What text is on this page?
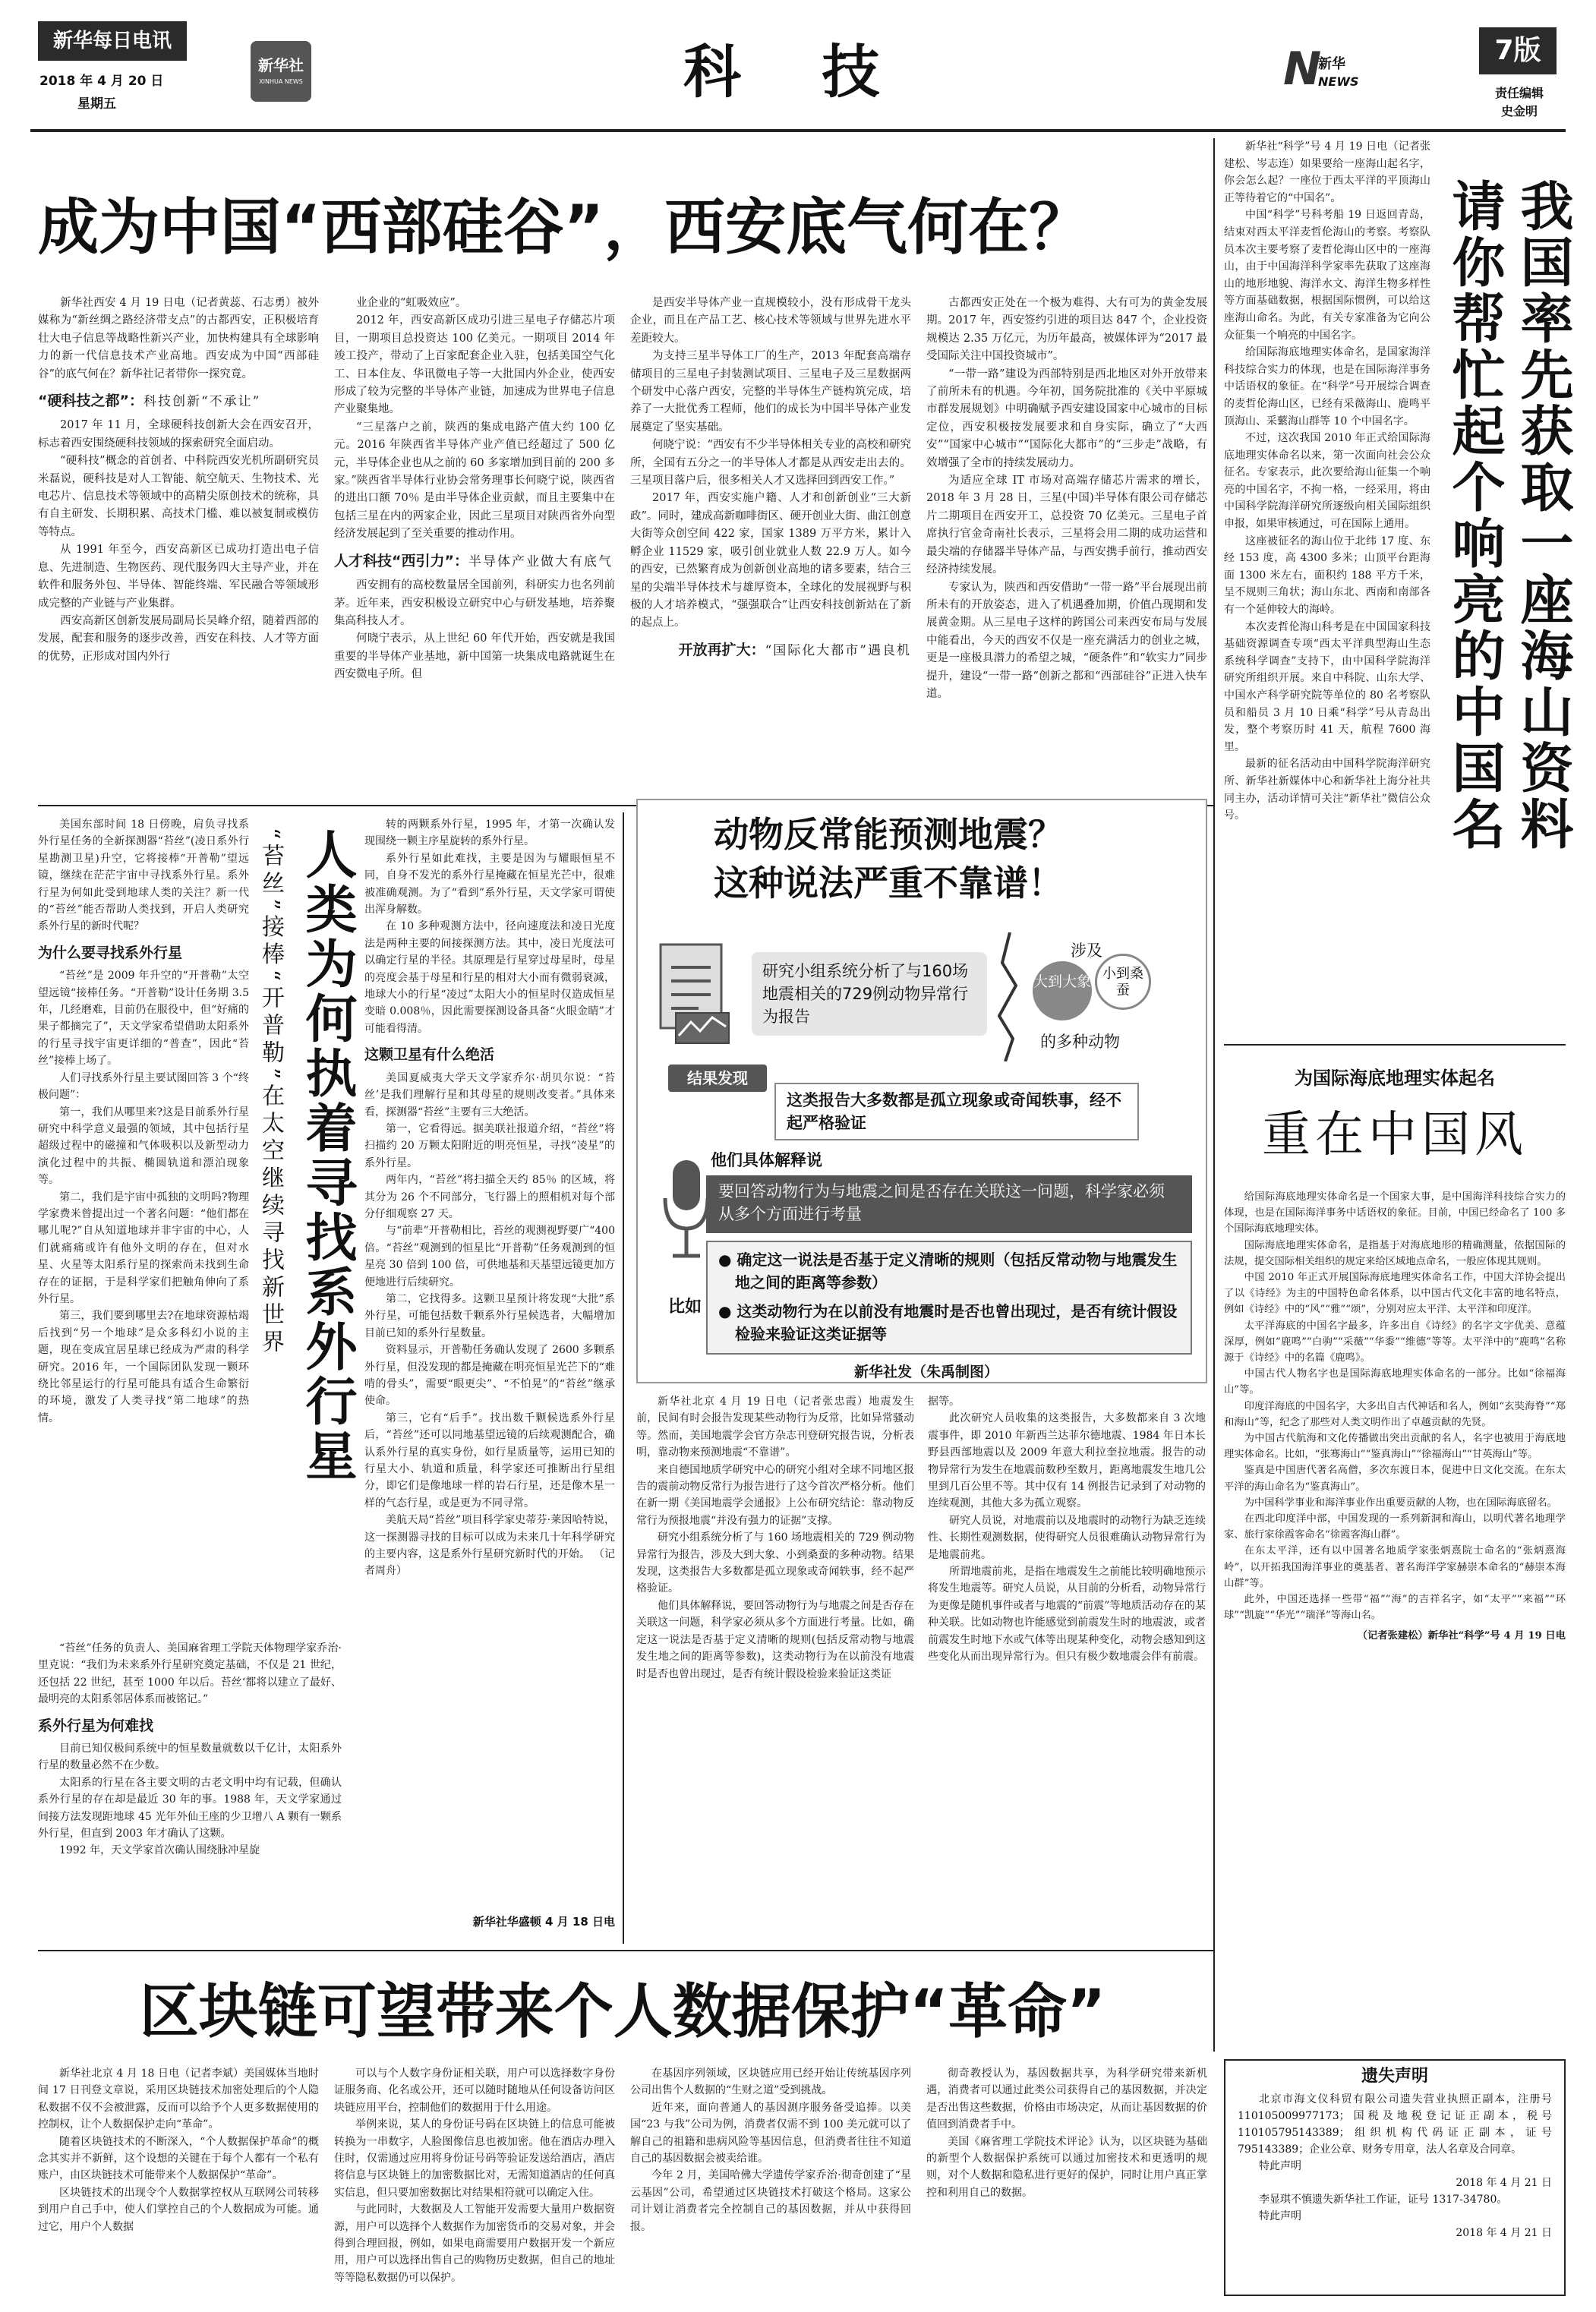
新华每日电讯
2018 年 4 月 20 日
星期五
新华社
XINHUA NEWS	科 技	N
新华
NEWS
7版
责任编辑
史金明
成为中国“西部硅谷”，西安底气何在？

新华社西安 4 月 19 日电（记者黄蕊、石志勇）被外媒称为“新丝绸之路经济带支点”的古都西安，正积极培育壮大电子信息等战略性新兴产业，加快构建具有全球影响力的新一代信息技术产业高地。西安成为中国“西部硅谷”的底气何在？新华社记者带你一探究竟。

“硬科技之都”：科技创新“不承让”

2017 年 11 月，全球硬科技创新大会在西安召开，标志着西安围绕硬科技领域的探索研究全面启动。

“硬科技”概念的首创者、中科院西安光机所副研究员米磊说，硬科技是对人工智能、航空航天、生物技术、光电芯片、信息技术等领域中的高精尖原创技术的统称，具有自主研发、长期积累、高技术门槛、难以被复制或模仿等特点。

从 1991 年至今，西安高新区已成功打造出电子信息、先进制造、生物医药、现代服务四大主导产业，并在软件和服务外包、半导体、智能终端、军民融合等领域形成完整的产业链与产业集群。

西安高新区创新发展局副局长吴峰介绍，随着西部的发展，配套和服务的逐步改善，西安在科技、人才等方面的优势，正形成对国内外行

业企业的“虹吸效应”。

2012 年，西安高新区成功引进三星电子存储芯片项目，一期项目总投资达 100 亿美元。一期项目 2014 年竣工投产，带动了上百家配套企业入驻，包括美国空气化工、日本住友、华讯微电子等一大批国内外企业，使西安形成了较为完整的半导体产业链，加速成为世界电子信息产业聚集地。

“三星落户之前，陕西的集成电路产值大约 100 亿元。2016 年陕西省半导体产业产值已经超过了 500 亿元，半导体企业也从之前的 60 多家增加到目前的 200 多家。”陕西省半导体行业协会常务理事长何晓宁说，陕西省的进出口额 70％ 是由半导体企业贡献，而且主要集中在包括三星在内的两家企业，因此三星项目对陕西省外向型经济发展起到了至关重要的推动作用。

人才科技“西引力”：半导体产业做大有底气

西安拥有的高校数量居全国前列，科研实力也名列前茅。近年来，西安积极设立研究中心与研发基地，培养聚集高科技人才。

何晓宁表示，从上世纪 60 年代开始，西安就是我国重要的半导体产业基地，新中国第一块集成电路就诞生在西安微电子所。但

是西安半导体产业一直规模较小，没有形成骨干龙头企业，而且在产品工艺、核心技术等领域与世界先进水平差距较大。

为支持三星半导体工厂的生产，2013 年配套高端存储项目的三星电子封装测试项目、三星电子及三星数据两个研发中心落户西安，完整的半导体生产链构筑完成，培养了一大批优秀工程师，他们的成长为中国半导体产业发展奠定了坚实基础。

何晓宁说：“西安有不少半导体相关专业的高校和研究所，全国有五分之一的半导体人才都是从西安走出去的。三星项目落户后，很多相关人才又选择回到西安工作。”

2017 年，西安实施户籍、人才和创新创业“三大新政”。同时，建成高新咖啡街区、硬开创业大街、曲江创意大街等众创空间 422 家，国家 1389 万平方米，累计入孵企业 11529 家，吸引创业就业人数 22.9 万人。如今的西安，已然繁育成为创新创业高地的诸多要素，结合三星的尖端半导体技术与雄厚资本，全球化的发展视野与积极的人才培养模式，“强强联合”让西安科技创新站在了新的起点上。

开放再扩大：“国际化大都市”遇良机

古都西安正处在一个极为难得、大有可为的黄金发展期。2017 年，西安签约引进的项目达 847 个，企业投资规模达 2.35 万亿元，为历年最高，被媒体评为“2017 最受国际关注中国投资城市”。

“一带一路”建设为西部特别是西北地区对外开放带来了前所未有的机遇。今年初，国务院批准的《关中平原城市群发展规划》中明确赋予西安建设国家中心城市的目标定位，西安积极按发展要求和自身实际，确立了“大西安”“国家中心城市”“国际化大都市”的“三步走”战略，有效增强了全市的持续发展动力。

为适应全球 IT 市场对高端存储芯片需求的增长，2018 年 3 月 28 日，三星(中国)半导体有限公司存储芯片二期项目在西安开工，总投资 70 亿美元。三星电子首席执行官金奇南社长表示，三星将会用二期的成功运营和最尖端的存储器半导体产品，与西安携手前行，推动西安经济持续发展。

专家认为，陕西和西安借助“一带一路”平台展现出前所未有的开放姿态，进入了机遇叠加期，价值凸现期和发展黄金期。从三星电子这样的跨国公司来西安布局与发展中能看出，今天的西安不仅是一座充满活力的创业之城，更是一座极具潜力的希望之城，“硬条件”和“软实力”同步提升，建设“一带一路”创新之都和“西部硅谷”正进入快车道。	我国率先获取一座海山资料
请你帮忙起个响亮的中国名

新华社“科学”号 4 月 19 日电（记者张建松、岑志连）如果要给一座海山起名字，你会怎么起？一座位于西太平洋的平顶海山正等待着它的“中国名”。

中国“科学”号科考船 19 日返回青岛，结束对西太平洋麦哲伦海山的考察。考察队员本次主要考察了麦哲伦海山区中的一座海山，由于中国海洋科学家率先获取了这座海山的地形地貌、海洋水文、海洋生物多样性等方面基础数据，根据国际惯例，可以给这座海山命名。为此，有关专家准备为它向公众征集一个响亮的中国名字。

给国际海底地理实体命名，是国家海洋科技综合实力的体现，也是在国际海洋事务中话语权的象征。在“科学”号开展综合调查的麦哲伦海山区，已经有采薇海山、鹿鸣平顶海山、采蘩海山群等 10 个中国名字。

不过，这次我国 2010 年正式给国际海底地理实体命名以来，第一次面向社会公众征名。专家表示，此次要给海山征集一个响亮的中国名字，不拘一格，一经采用，将由中国科学院海洋研究所逐级向相关国际组织申报，如果审核通过，可在国际上通用。

这座被征名的海山位于北纬 17 度、东经 153 度，高 4300 多米；山顶平台距海面 1300 米左右，面积约 188 平方千米，呈不规则三角状；海山东北、西南和南部各有一个延伸较大的海岭。

本次麦哲伦海山科考是在中国国家科技基础资源调查专项“西太平洋典型海山生态系统科学调查”支持下，由中国科学院海洋研究所组织开展。来自中科院、山东大学、中国水产科学研究院等单位的 80 名考察队员和船员 3 月 10 日乘“科学”号从青岛出发，整个考察历时 41 天，航程 7600 海里。

最新的征名活动由中国科学院海洋研究所、新华社新媒体中心和新华社上海分社共同主办，活动详情可关注“新华社”微信公众号。

为国际海底地理实体起名
重在中国风

给国际海底地理实体命名是一个国家大事，是中国海洋科技综合实力的体现，也是在国际海洋事务中话语权的象征。目前，中国已经命名了 100 多个国际海底地理实体。

国际海底地理实体命名，是指基于对海底地形的精确测量，依据国际的法规，提交国际相关组织的规定来给区域地点命名，一般应体现其规则。

中国 2010 年正式开展国际海底地理实体命名工作，中国大洋协会提出了以《诗经》为主的中国特色命名体系，以中国古代文化丰富的地名特点，例如《诗经》中的“风”“雅”“颂”，分别对应太平洋、太平洋和印度洋。

太平洋海底的中国名字最多，许多出自《诗经》的名字文字优美、意蕴深厚，例如“鹿鸣”“白驹”“采薇”“华黍”“维德”等等。太平洋中的“鹿鸣”名称源于《诗经》中的名篇《鹿鸣》。

中国古代人物名字也是国际海底地理实体命名的一部分。比如“徐福海山”等。

印度洋海底的中国名字，大多出自古代神话和名人，例如“玄奘海脊”“郑和海山”等，纪念了那些对人类文明作出了卓越贡献的先贤。

为中国古代航海和文化传播做出突出贡献的名人，名字也被用于海底地理实体命名。比如，“张骞海山”“鉴真海山”“徐福海山”“甘英海山”等。

鉴真是中国唐代著名高僧，多次东渡日本，促进中日文化交流。在东太平洋的海山命名为“鉴真海山”。

为中国科学事业和海洋事业作出重要贡献的人物，也在国际海底留名。

在西北印度洋中部，中国发现的一系列新洞和海山，以明代著名地理学家、旅行家徐霞客命名“徐霞客海山群”。

在东太平洋，还有以中国著名地质学家张炳熹院士命名的“张炳熹海岭”，以开拓我国海洋事业的奠基者、著名海洋学家赫崇本命名的“赫崇本海山群”等。

此外，中国还选择一些带“福”“海”的吉祥名字，如“太平”“来福”“环球”“凯旋”“华光”“瑞泽”等海山名。

（记者张建松）新华社“科学”号 4 月 19 日电

遗失声明

北京市海文仪科贸有限公司遗失营业执照正副本，注册号 110105009977173；国税及地税登记证正副本，税号 110105795143389；组织机构代码证正副本，证号 795143389；企业公章、财务专用章，法人名章及合同章。

特此声明

2018 年 4 月 21 日

李显琪不慎遗失新华社工作证，证号 1317-34780。

特此声明

2018 年 4 月 21 日

人类为何执着寻找系外行星
“苔丝”接棒“开普勒”在太空继续寻找新世界

美国东部时间 18 日傍晚，肩负寻找系外行星任务的全新探测器“苔丝”(凌日系外行星勘测卫星)升空，它将接棒“开普勒”望远镜，继续在茫茫宇宙中寻找系外行星。系外行星为何如此受到地球人类的关注？新一代的“苔丝”能否帮助人类找到，开启人类研究系外行星的新时代呢？

为什么要寻找系外行星

“苔丝”是 2009 年升空的“开普勒”太空望远镜“接棒任务。“开普勒”设计任务期 3.5 年，几经磨难，目前仍在服役中，但“好痛的果子都摘完了”，天文学家希望借助太阳系外的行星寻找宇宙更详细的“普查”，因此“苔丝”接棒上场了。

人们寻找系外行星主要试图回答 3 个“终极问题”：

第一，我们从哪里来?这是目前系外行星研究中科学意义最强的领域，其中包括行星超级过程中的磁撞和气体吸积以及新型动力演化过程中的共振、椭圆轨道和漂泊现象等。

第二，我们是宇宙中孤独的文明吗?物理学家费米曾提出过一个著名问题：“他们都在哪儿呢?”自从知道地球并非宇宙的中心，人们就痛痛或许有他外文明的存在，但对水星、火星等太阳系行星的探索尚未找到生命存在的证据，于是科学家们把触角伸向了系外行星。

第三，我们要到哪里去?在地球资源枯竭后找到“另一个地球”是众多科幻小说的主题，现在变成宜居星球已经成为严肃的科学研究。2016 年，一个国际团队发现一颗环绕比邻星运行的行星可能具有适合生命繁衍的环境，激发了人类寻找“第二地球”的热情。

“苔丝”任务的负责人、美国麻省理工学院天体物理学家乔治·里克说：“我们为未来系外行星研究奠定基础，不仅是 21 世纪，还包括 22 世纪，甚至 1000 年以后。苔丝‘都将以建立了最好、最明亮的太阳系邻居体系而被铭记。”

系外行星为何难找

目前已知仅极间系统中的恒星数量就数以千亿计，太阳系外行星的数量必然不在少数。

太阳系的行星在各主要文明的古老文明中均有记载，但确认系外行星的存在却是最近 30 年的事。1988 年，天文学家通过间接方法发现距地球 45 光年外仙王座的少卫增八 A 颗有一颗系外行星，但直到 2003 年才确认了这颗。

1992 年，天文学家首次确认围绕脉冲星旋

转的两颗系外行星，1995 年，才第一次确认发现围绕一颗主序星旋转的系外行星。

系外行星如此难找，主要是因为与耀眼恒星不同，自身不发光的系外行星掩藏在恒星光芒中，很难被准确观测。为了“看到”系外行星，天文学家可谓使出浑身解数。

在 10 多种观测方法中，径向速度法和凌日光度法是两种主要的间接探测方法。其中，凌日光度法可以确定行星的半径。其原理是行星穿过母星时，母星的亮度会基于母星和行星的相对大小而有微弱衰减，地球大小的行星“凌过”太阳大小的恒星时仅造成恒星变暗 0.008％，因此需要探测设备具备“火眼金睛”才可能看得清。

这颗卫星有什么绝活

美国夏威夷大学天文学家乔尔·胡贝尔说：“苔丝’是我们理解行星和其母星的规则改变者。”具体来看，探测器“苔丝”主要有三大绝活。

第一，它看得远。据美联社报道介绍，“苔丝”将扫描约 20 万颗太阳附近的明亮恒星，寻找“凌星”的系外行星。

两年内，“苔丝”将扫描全天约 85％ 的区域，将其分为 26 个不同部分，飞行器上的照相机对每个部分仔细观察 27 天。

与“前辈”开普勒相比，苔丝的观测视野要广“400 倍。“苔丝”观测到的恒星比“开普勒”任务观测到的恒星亮 30 倍到 100 倍，可供地基和天基望远镜更加方便地进行后续研究。

第二，它找得多。这颗卫星预计将发现“大批”系外行星，可能包括数千颗系外行星候选者，大幅增加目前已知的系外行星数量。

资料显示，开普勒任务确认发现了 2600 多颗系外行星，但没发现的都是掩藏在明亮恒星光芒下的“难啃的骨头”，需要“眼更尖”、“不怕晃”的“苔丝”继承使命。

第三，它有“后手”。找出数千颗候选系外行星后，“苔丝”还可以同地基望远镜的后续观测配合，确认系外行星的真实身份，如行星质量等，运用已知的行星大小、轨道和质量，科学家还可推断出行星组分，即它们是像地球一样的岩石行星，还是像木星一样的气态行星，或是更为不同寻常。

美航天局“苔丝”项目科学家史蒂芬·莱因哈特说，这一探测器寻找的目标可以成为未来几十年科学研究的主要内容，这是系外行星研究新时代的开始。 （记者周舟）

新华社华盛顿 4 月 18 日电
动物反常能预测地震？
这种说法严重不靠谱！
研究小组系统分析了与160场地震相关的729例动物异常行为报告
涉及
大到大象 小到桑蚕
的多种动物
结果发现
这类报告大多数都是孤立现象或奇闻轶事，经不起严格验证
他们具体解释说
要回答动物行为与地震之间是否存在关联这一问题，科学家必须从多个方面进行考量
比如
● 确定这一说法是否基于定义清晰的规则（包括反常动物与地震发生地之间的距离等参数）
● 这类动物行为在以前没有地震时是否也曾出现过，是否有统计假设检验来验证这类证据等
新华社发（朱禹制图）

新华社北京 4 月 19 日电（记者张忠霞）地震发生前，民间有时会报告发现某些动物行为反常，比如异常骚动等。然而，美国地震学会官方杂志刊登研究报告说，分析表明，靠动物来预测地震“不靠谱”。

来自德国地质学研究中心的研究小组对全球不同地区报告的震前动物反常行为报告进行了这今首次严格分析。他们在新一期《美国地震学会通报》上公布研究结论：靠动物反常行为预报地震“并没有强力的证据”支撑。

研究小组系统分析了与 160 场地震相关的 729 例动物异常行为报告，涉及大到大象、小到桑蚕的多种动物。结果发现，这类报告大多数都是孤立现象或奇闻轶事，经不起严格验证。

他们具体解释说，要回答动物行为与地震之间是否存在关联这一问题，科学家必须从多个方面进行考量。比如，确定这一说法是否基于定义清晰的规则(包括反常动物与地震发生地之间的距离等参数)，这类动物行为在以前没有地震时是否也曾出现过，是否有统计假设检验来验证这类证

据等。

此次研究人员收集的这类报告，大多数都来自 3 次地震事件，即 2010 年新西兰达菲尔德地震、1984 年日本长野县西部地震以及 2009 年意大利拉奎拉地震。报告的动物异常行为发生在地震前数秒至数月，距离地震发生地几公里到几百公里不等。其中仅有 14 例报告记录到了对动物的连续观测，其他大多为孤立观察。

研究人员说，对地震前以及地震时的动物行为缺乏连续性、长期性观测数据，使得研究人员很难确认动物异常行为是地震前兆。

所谓地震前兆，是指在地震发生之前能比较明确地预示将发生地震等。研究人员说，从目前的分析看，动物异常行为更像是随机事件或者与地震的“前震”等地质活动存在的某种关联。比如动物也许能感觉到前震发生时的地震波，或者前震发生时地下水或气体等出现某种变化，动物会感知到这些变化从而出现异常行为。但只有极少数地震会伴有前震。

区块链可望带来个人数据保护“革命”

新华社北京 4 月 18 日电（记者李斌）美国媒体当地时间 17 日刊登文章说，采用区块链技术加密处理后的个人隐私数据不仅不会被泄露，反而可以给予个人更多数据使用的控制权，让个人数据保护走向“革命”。

随着区块链技术的不断深入，“个人数据保护革命”的概念其实并不新鲜，这个设想的关键在于每个人都有一个私有账户，由区块链技术可能带来个人数据保护“革命”。

区块链技术的出现令个人数据掌控权从互联网公司转移到用户自己手中，使人们掌控自己的个人数据成为可能。通过它，用户个人数据

可以与个人数字身份证相关联，用户可以选择数字身份证服务商、化名或公开，还可以随时随地从任何设备访问区块链应用平台，控制他们的数据用于什么用途。

举例来说，某人的身份证号码在区块链上的信息可能被转换为一串数字，人脸图像信息也被加密。他在酒店办理入住时，仅需通过应用将身份证号码等验证发送给酒店，酒店将信息与区块链上的加密数据比对，无需知道酒店的任何真实信息，但只要加密数据比对结果相符就可以确定入住。

与此同时，大数据及人工智能开发需要大量用户数据资源，用户可以选择个人数据作为加密货币的交易对象，并会得到合理回报，例如，如果电商需要用户数据开发一个新应用，用户可以选择出售自己的购物历史数据，但自己的地址等等隐私数据仍可以保护。

在基因序列领域，区块链应用已经开始让传统基因序列公司出售个人数据的“生财之道”受到挑战。

近年来，面向普通人的基因测序服务备受追捧。以美国“23 与我”公司为例，消费者仅需不到 100 美元就可以了解自己的祖籍和患病风险等基因信息，但消费者往往不知道自己的基因数据会被卖给谁。

今年 2 月，美国哈佛大学遗传学家乔治·彻奇创建了“星云基因”公司，希望通过区块链技术打破这个格局。这家公司计划让消费者完全控制自己的基因数据，并从中获得回报。

彻奇教授认为，基因数据共享，为科学研究带来新机遇，消费者可以通过此类公司获得自己的基因数据，并决定是否出售这些数据，价格由市场决定，从而让基因数据的价值回到消费者手中。

美国《麻省理工学院技术评论》认为，以区块链为基础的新型个人数据保护系统可以通过加密技术和更透明的规则，对个人数据和隐私进行更好的保护，同时让用户真正掌控和利用自己的数据。
